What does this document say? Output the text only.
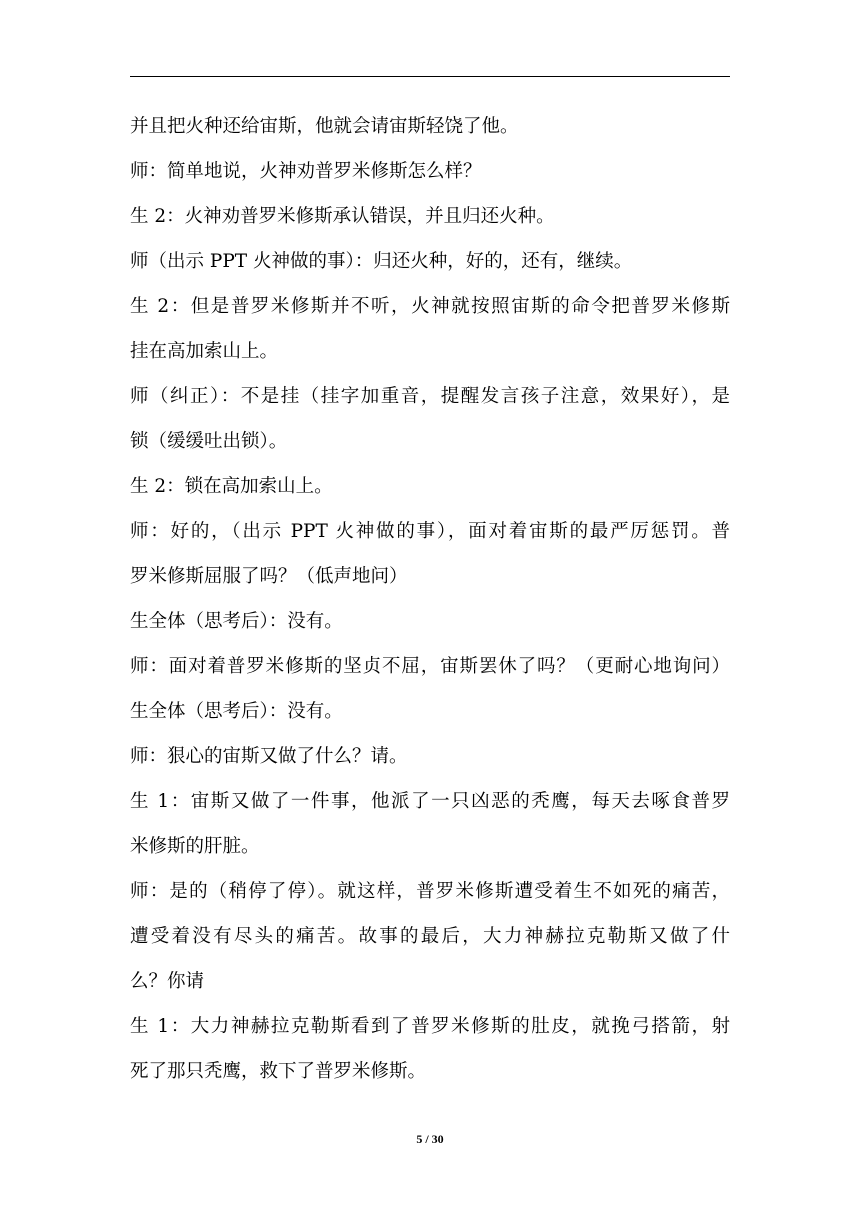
并且把火种还给宙斯，他就会请宙斯轻饶了他。
师：简单地说，火神劝普罗米修斯怎么样？
生 2：火神劝普罗米修斯承认错误，并且归还火种。
师（出示 PPT 火神做的事）：归还火种，好的，还有，继续。
生 2：但是普罗米修斯并不听，火神就按照宙斯的命令把普罗米修斯
挂在高加索山上。
师（纠正）：不是挂（挂字加重音，提醒发言孩子注意，效果好），是
锁（缓缓吐出锁）。
生 2：锁在高加索山上。
师：好的，（出示 PPT 火神做的事），面对着宙斯的最严厉惩罚。普
罗米修斯屈服了吗？（低声地问）
生全体（思考后）：没有。
师：面对着普罗米修斯的坚贞不屈，宙斯罢休了吗？（更耐心地询问）
生全体（思考后）：没有。
师：狠心的宙斯又做了什么？请。
生 1：宙斯又做了一件事，他派了一只凶恶的秃鹰，每天去啄食普罗
米修斯的肝脏。
师：是的（稍停了停）。就这样，普罗米修斯遭受着生不如死的痛苦，
遭受着没有尽头的痛苦。故事的最后，大力神赫拉克勒斯又做了什
么？你请
生 1：大力神赫拉克勒斯看到了普罗米修斯的肚皮，就挽弓搭箭，射
死了那只秃鹰，救下了普罗米修斯。
5 / 30
